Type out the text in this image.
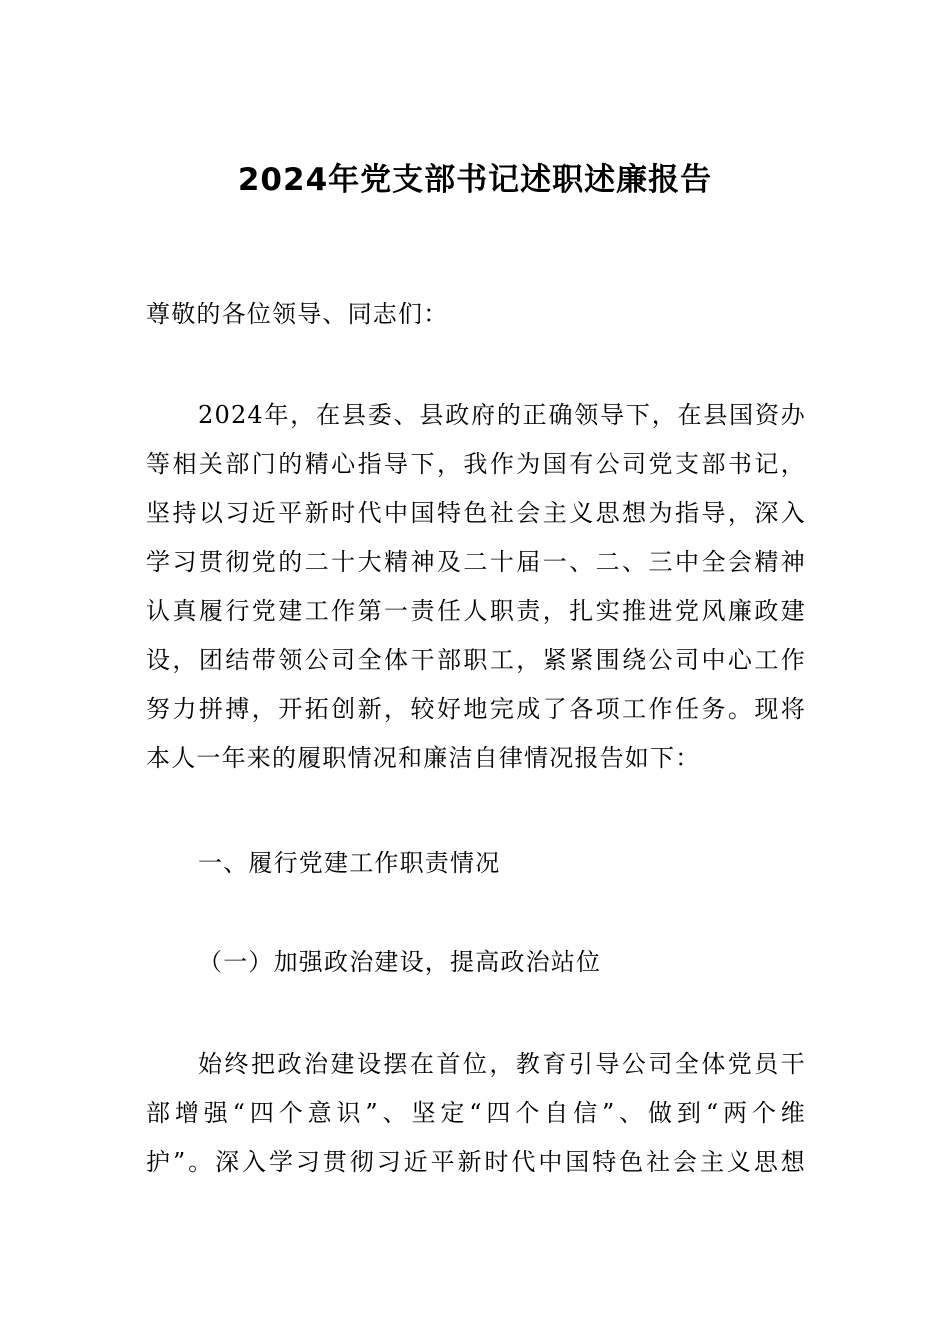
2024年党支部书记述职述廉报告

尊敬的各位领导、同志们：

2024年，在县委、县政府的正确领导下，在县国资办
等相关部门的精心指导下，我作为国有公司党支部书记，
坚持以习近平新时代中国特色社会主义思想为指导，深入
学习贯彻党的二十大精神及二十届一、二、三中全会精神
认真履行党建工作第一责任人职责，扎实推进党风廉政建
设，团结带领公司全体干部职工，紧紧围绕公司中心工作
努力拼搏，开拓创新，较好地完成了各项工作任务。现将
本人一年来的履职情况和廉洁自律情况报告如下：

一、履行党建工作职责情况

（一）加强政治建设，提高政治站位

始终把政治建设摆在首位，教育引导公司全体党员干
部增强“四个意识”、坚定“四个自信”、做到“两个维
护”。深入学习贯彻习近平新时代中国特色社会主义思想
